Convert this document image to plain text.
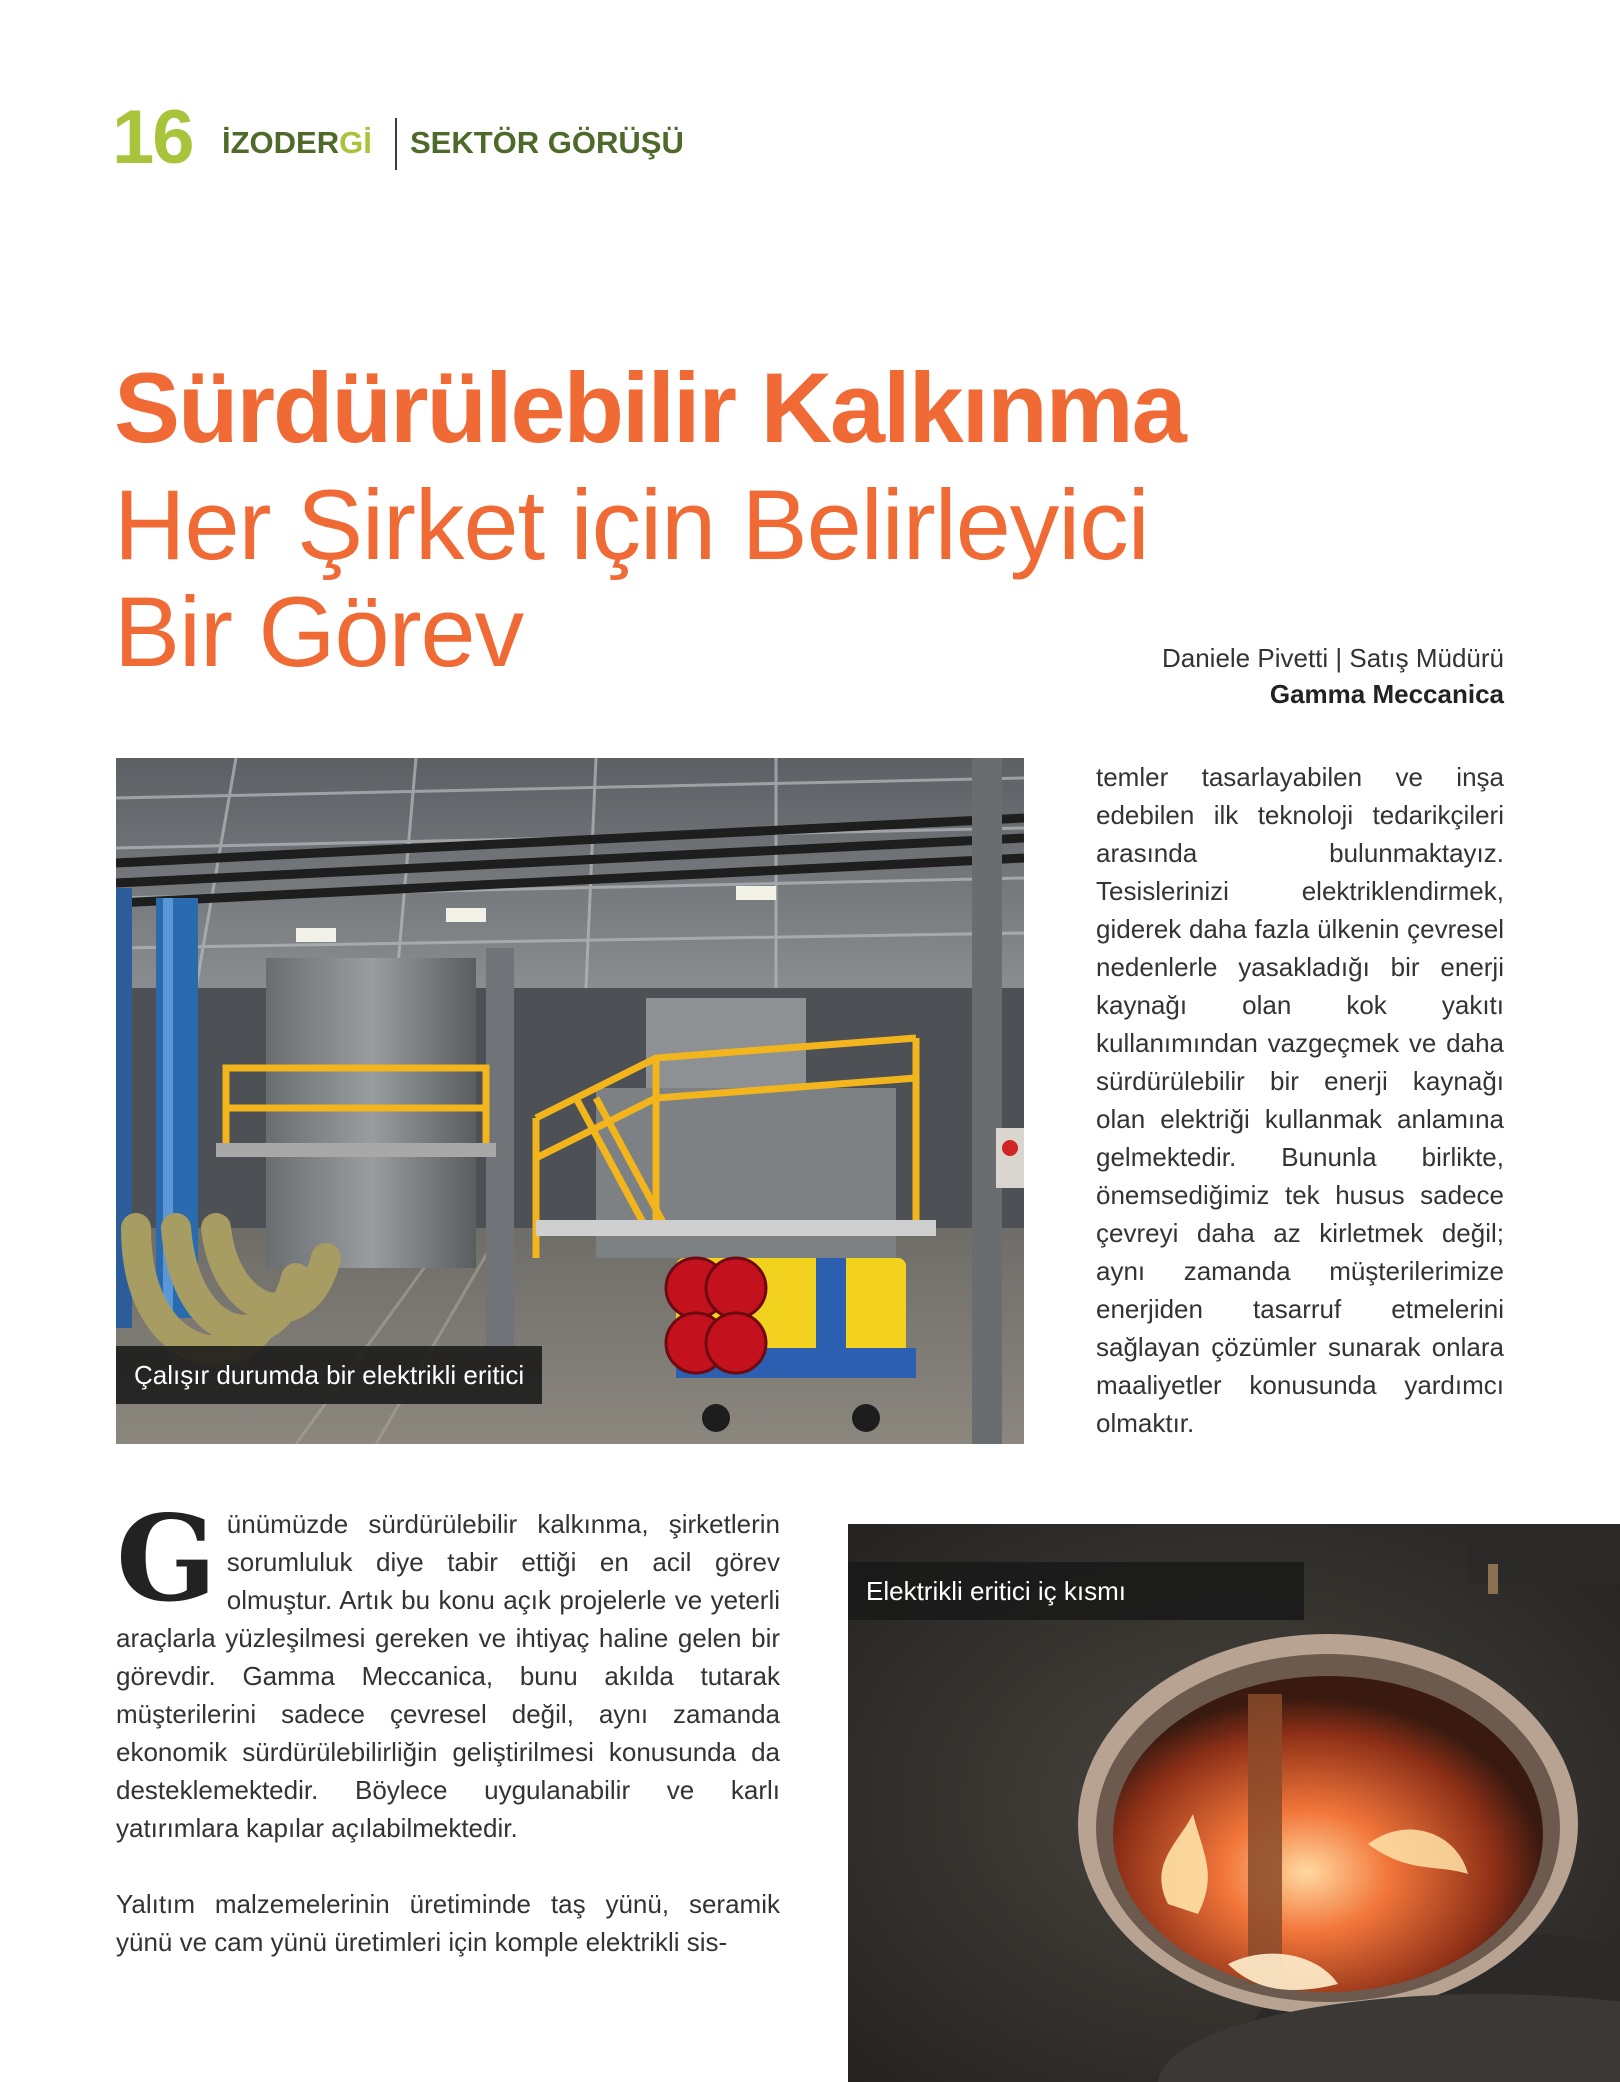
16 İZODERGİ SEKTÖR GÖRÜŞÜ
Sürdürülebilir Kalkınma
Her Şirket için Belirleyici
Bir Görev	Daniele Pivetti | Satış Müdürü
Gamma Meccanica
Çalışır durumda bir elektrikli eritici
temler tasarlayabilen ve inşa edebilen ilk teknoloji tedarikçileri arasında bulunmaktayız. Tesislerinizi elektriklendirmek, giderek daha fazla ülkenin çevresel nedenlerle yasakladığı bir enerji kaynağı olan kok yakıtı kullanımından vazgeçmek ve daha sürdürülebilir bir enerji kaynağı olan elektriği kullanmak anlamına gelmektedir. Bununla birlikte, önemsediğimiz tek husus sadece çevreyi daha az kirletmek değil; aynı zamanda müşterilerimize enerjiden tasarruf etmelerini sağlayan çözümler sunarak onlara maaliyetler konusunda yardımcı olmaktır.

Günümüzde sürdürülebilir kalkınma, şirketlerin sorumluluk diye tabir ettiği en acil görev olmuştur. Artık bu konu açık projelerle ve yeterli araçlarla yüzleşilmesi gereken ve ihtiyaç haline gelen bir görevdir. Gamma Meccanica, bunu akılda tutarak müşterilerini sadece çevresel değil, aynı zamanda ekonomik sürdürülebilirliğin geliştirilmesi konusunda da desteklemektedir. Böylece uygulanabilir ve karlı yatırımlara kapılar açılabilmektedir.

Yalıtım malzemelerinin üretiminde taş yünü, seramik yünü ve cam yünü üretimleri için komple elektrikli sis-

Elektrikli eritici iç kısmı
